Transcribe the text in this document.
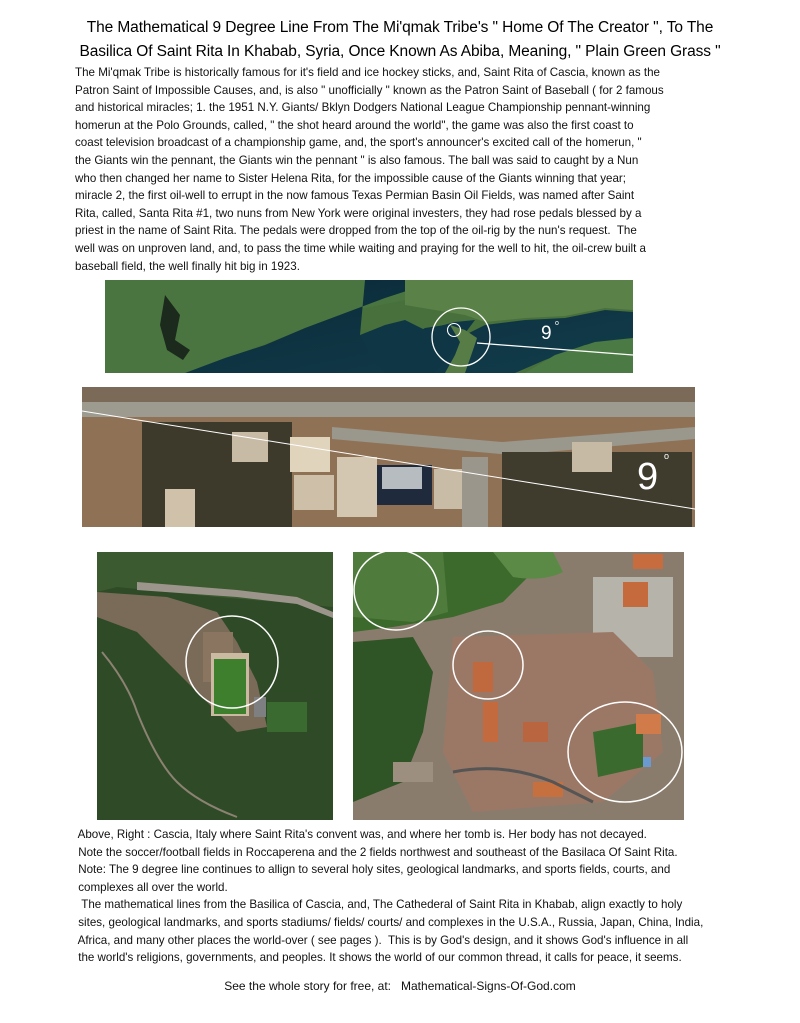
The Mathematical 9 Degree Line From The Mi'qmak Tribe's " Home Of The Creator ", To The
Basilica Of Saint Rita In Khabab, Syria, Once Known As Abiba, Meaning, " Plain Green Grass "
The Mi'qmak Tribe is historically famous for it's field and ice hockey sticks, and, Saint Rita of Cascia, known as the
Patron Saint of Impossible Causes, and, is also " unofficially " known as the Patron Saint of Baseball ( for 2 famous
and historical miracles; 1. the 1951 N.Y. Giants/ Bklyn Dodgers National League Championship pennant-winning
homerun at the Polo Grounds, called, " the shot heard around the world", the game was also the first coast to
coast television broadcast of a championship game, and, the sport's announcer's excited call of the homerun, "
the Giants win the pennant, the Giants win the pennant " is also famous. The ball was said to caught by a Nun
who then changed her name to Sister Helena Rita, for the impossible cause of the Giants winning that year;
miracle 2, the first oil-well to errupt in the now famous Texas Permian Basin Oil Fields, was named after Saint
Rita, called, Santa Rita #1, two nuns from New York were original investers, they had rose pedals blessed by a
priest in the name of Saint Rita. The pedals were dropped from the top of the oil-rig by the nun's request.  The
well was on unproven land, and, to pass the time while waiting and praying for the well to hit, the oil-crew built a
baseball field, the well finally hit big in 1923.
9 o
9 o
Above, Right : Cascia, Italy where Saint Rita's convent was, and where her tomb is. Her body has not decayed.
Note the soccer/football fields in Roccaperena and the 2 fields northwest and southeast of the Basilaca Of Saint Rita.
Note: The 9 degree line continues to allign to several holy sites, geological landmarks, and sports fields, courts, and
complexes all over the world.
The mathematical lines from the Basilica of Cascia, and, The Cathederal of Saint Rita in Khabab, align exactly to holy
sites, geological landmarks, and sports stadiums/ fields/ courts/ and complexes in the U.S.A., Russia, Japan, China, India,
Africa, and many other places the world-over ( see pages ).  This is by God's design, and it shows God's influence in all
the world's religions, governments, and peoples. It shows the world of our common thread, it calls for peace, it seems.
See the whole story for free, at: Mathematical-Signs-Of-God.com
